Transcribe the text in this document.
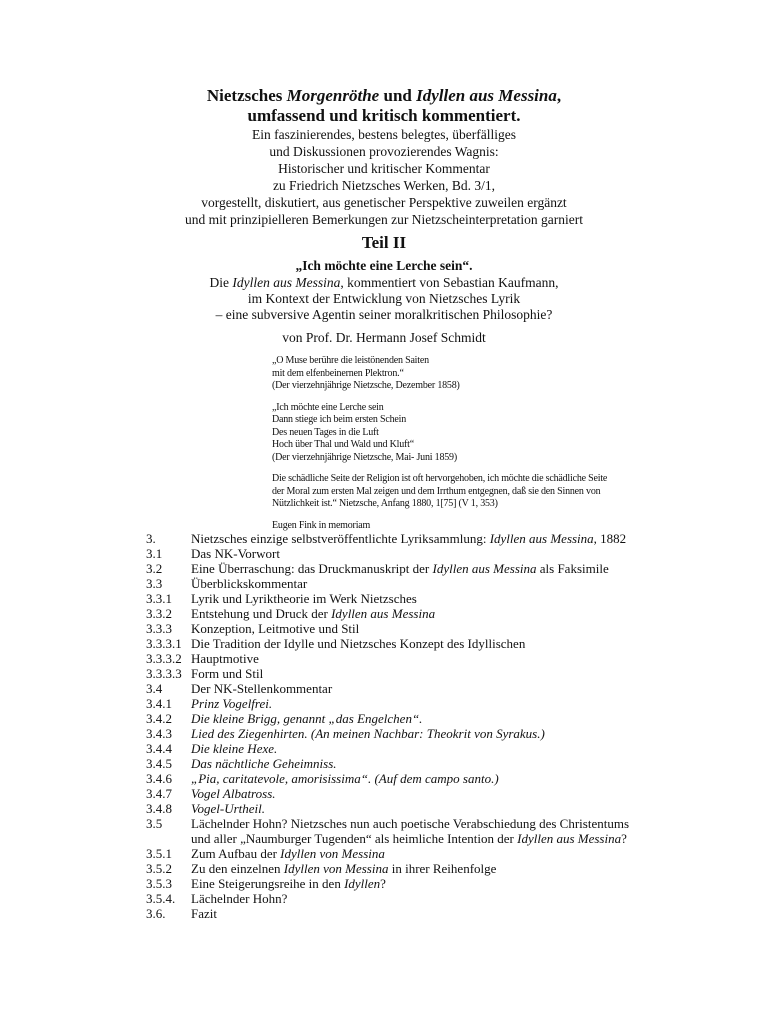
Nietzsches Morgenröthe und Idyllen aus Messina,
umfassend und kritisch kommentiert.
Ein faszinierendes, bestens belegtes, überfälliges
und Diskussionen provozierendes Wagnis:
Historischer und kritischer Kommentar
zu Friedrich Nietzsches Werken, Bd. 3/1,
vorgestellt, diskutiert, aus genetischer Perspektive zuweilen ergänzt
und mit prinzipielleren Bemerkungen zur Nietzscheinterpretation garniert
Teil II
„Ich möchte eine Lerche sein“.
Die Idyllen aus Messina, kommentiert von Sebastian Kaufmann,
im Kontext der Entwicklung von Nietzsches Lyrik
– eine subversive Agentin seiner moralkritischen Philosophie?
von Prof. Dr. Hermann Josef Schmidt
„O Muse berühre die leistönenden Saiten
mit dem elfenbeinernen Plektron.“
(Der vierzehnjährige Nietzsche, Dezember 1858)
„Ich möchte eine Lerche sein
Dann stiege ich beim ersten Schein
Des neuen Tages in die Luft
Hoch über Thal und Wald und Kluft“
(Der vierzehnjährige Nietzsche, Mai- Juni 1859)
Die schädliche Seite der Religion ist oft hervorgehoben, ich möchte die schädliche Seite
der Moral zum ersten Mal zeigen und dem Irrthum entgegnen, daß sie den Sinnen von
Nützlichkeit ist.“ Nietzsche, Anfang 1880, 1[75] (V 1, 353)
Eugen Fink in memoriam
3.	Nietzsches einzige selbstveröffentlichte Lyriksammlung: Idyllen aus Messina, 1882
3.1	Das NK-Vorwort
3.2	Eine Überraschung: das Druckmanuskript der Idyllen aus Messina als Faksimile
3.3	Überblickskommentar
3.3.1	Lyrik und Lyriktheorie im Werk Nietzsches
3.3.2	Entstehung und Druck der Idyllen aus Messina
3.3.3	Konzeption, Leitmotive und Stil
3.3.3.1 Die Tradition der Idylle und Nietzsches Konzept des Idyllischen
3.3.3.2 Hauptmotive
3.3.3.3 Form und Stil
3.4	Der NK-Stellenkommentar
3.4.1	Prinz Vogelfrei.
3.4.2	Die kleine Brigg, genannt „das Engelchen“.
3.4.3	Lied des Ziegenhirten. (An meinen Nachbar: Theokrit von Syrakus.)
3.4.4	Die kleine Hexe.
3.4.5	Das nächtliche Geheimniss.
3.4.6	„Pia, caritatevole, amorisissima“. (Auf dem campo santo.)
3.4.7	Vogel Albatross.
3.4.8	Vogel-Urtheil.
3.5	Lächelnder Hohn? Nietzsches nun auch poetische Verabschiedung des Christentums
und aller „Naumburger Tugenden“ als heimliche Intention der Idyllen aus Messina?
3.5.1	Zum Aufbau der Idyllen von Messina
3.5.2	Zu den einzelnen Idyllen von Messina in ihrer Reihenfolge
3.5.3	Eine Steigerungsreihe in den Idyllen?
3.5.4.	Lächelnder Hohn?
3.6.	Fazit
